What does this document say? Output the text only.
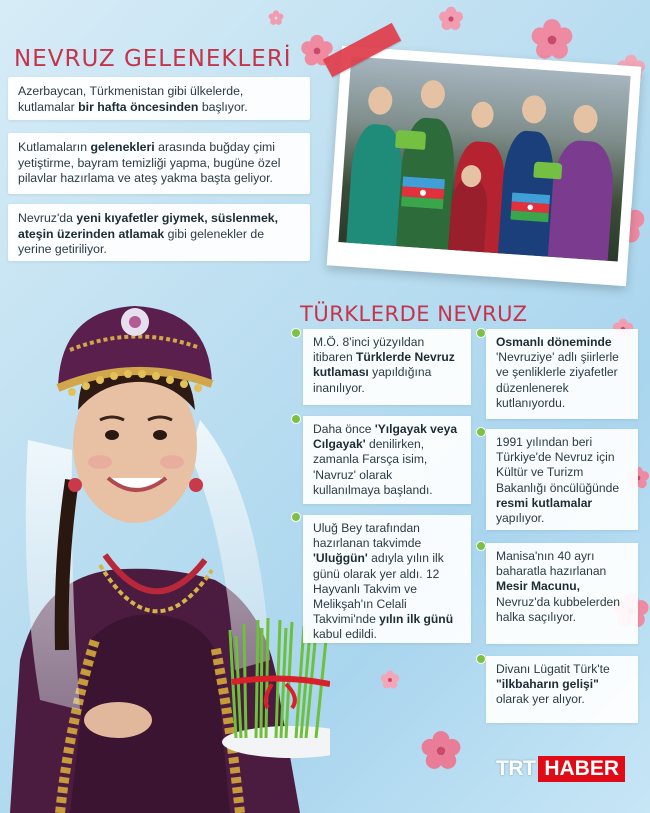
NEVRUZ GELENEKLERİ
Azerbaycan, Türkmenistan gibi ülkelerde, kutlamalar bir hafta öncesinden başlıyor.
Kutlamaların gelenekleri arasında buğday çimi yetiştirme, bayram temizliği yapma, bugüne özel pilavlar hazırlama ve ateş yakma başta geliyor.
Nevruz'da yeni kıyafetler giymek, süslenmek, ateşin üzerinden atlamak gibi gelenekler de yerine getiriliyor.
TÜRKLERDE NEVRUZ
M.Ö. 8'inci yüzyıldan itibaren Türklerde Nevruz kutlaması yapıldığına inanılıyor.
Daha önce 'Yılgayak veya Cılgayak' denilirken, zamanla Farsça isim, 'Navruz' olarak kullanılmaya başlandı.
Uluğ Bey tarafından hazırlanan takvimde 'Uluğgün' adıyla yılın ilk günü olarak yer aldı. 12 Hayvanlı Takvim ve Melikşah'ın Celali Takvimi'nde yılın ilk günü kabul edildi.
Osmanlı döneminde 'Nevruziye' adlı şiirlerle ve şenliklerle ziyafetler düzenlenerek kutlanıyordu.
1991 yılından beri Türkiye'de Nevruz için Kültür ve Turizm Bakanlığı öncülüğünde resmi kutlamalar yapılıyor.
Manisa'nın 40 ayrı baharatla hazırlanan Mesir Macunu, Nevruz'da kubbelerden halka saçılıyor.
Divanı Lügatit Türk'te "ilkbaharın gelişi" olarak yer alıyor.
TRT HABER
